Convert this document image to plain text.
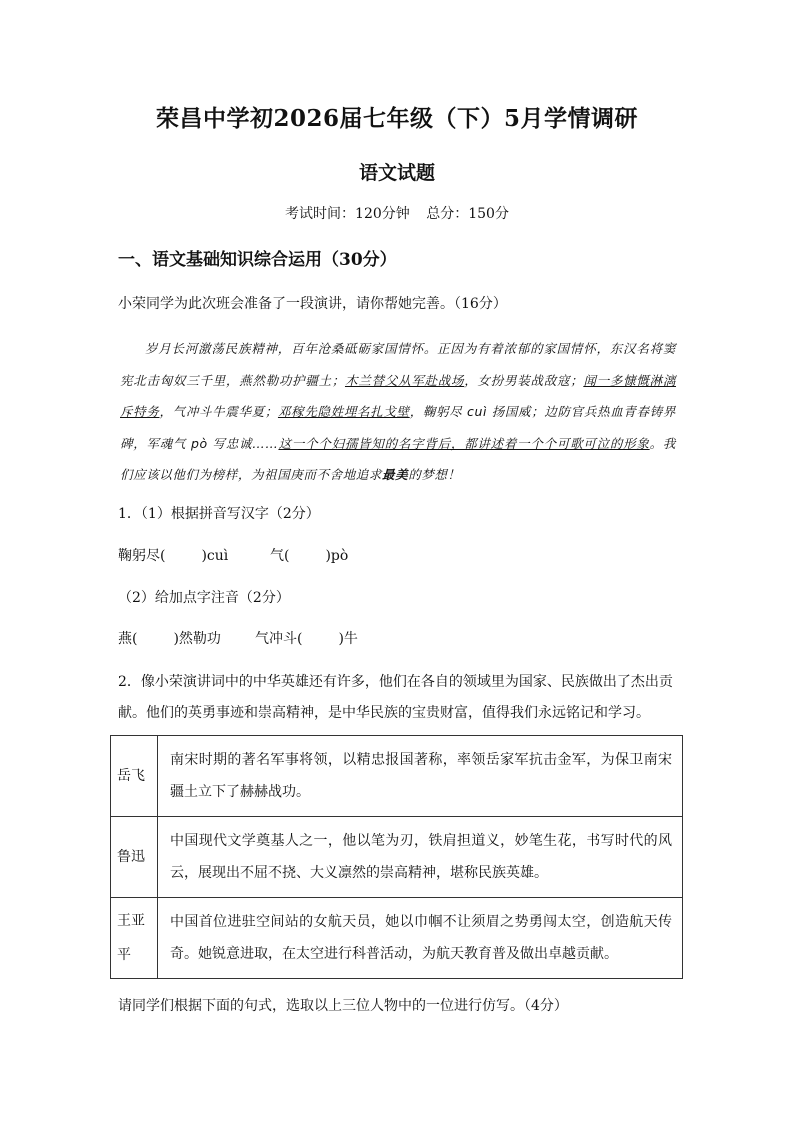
荣昌中学初2026届七年级（下）5月学情调研
语文试题
考试时间：120分钟 总分：150分
一、语文基础知识综合运用（30分）
小荣同学为此次班会准备了一段演讲，请你帮她完善。（16分）
岁月长河激荡民族精神，百年沧桑砥砺家国情怀。正因为有着浓郁的家国情怀，东汉名将窦宪北击匈奴三千里，燕然勒功护疆土；木兰替父从军赴战场，女扮男装战敌寇；闻一多慷慨淋漓斥特务，气冲斗牛震华夏；邓稼先隐姓埋名扎戈壁，鞠躬尽 cuì 扬国威；边防官兵热血青春铸界碑，军魂气 pò 写忠诚……这一个个妇孺皆知的名字背后，都讲述着一个个可歌可泣的形象。我们应该以他们为榜样，为祖国庚而不舍地追求最美的梦想！
1．（1）根据拼音写汉字（2分）
鞠躬尽(	)cuì	气(	)pò
（2）给加点字注音（2分）
燕(	)然勒功 气冲斗(	)牛
2．像小荣演讲词中的中华英雄还有许多，他们在各自的领域里为国家、民族做出了杰出贡
献。他们的英勇事迹和崇高精神，是中华民族的宝贵财富，值得我们永远铭记和学习。
岳飞	南宋时期的著名军事将领，以精忠报国著称，率领岳家军抗击金军，为保卫南宋疆土立下了赫赫战功。
鲁迅	中国现代文学奠基人之一，他以笔为刃，铁肩担道义，妙笔生花，书写时代的风云，展现出不屈不挠、大义凛然的崇高精神，堪称民族英雄。
王亚平	中国首位进驻空间站的女航天员，她以巾帼不让须眉之势勇闯太空，创造航天传奇。她锐意进取，在太空进行科普活动，为航天教育普及做出卓越贡献。
请同学们根据下面的句式，选取以上三位人物中的一位进行仿写。（4分）
